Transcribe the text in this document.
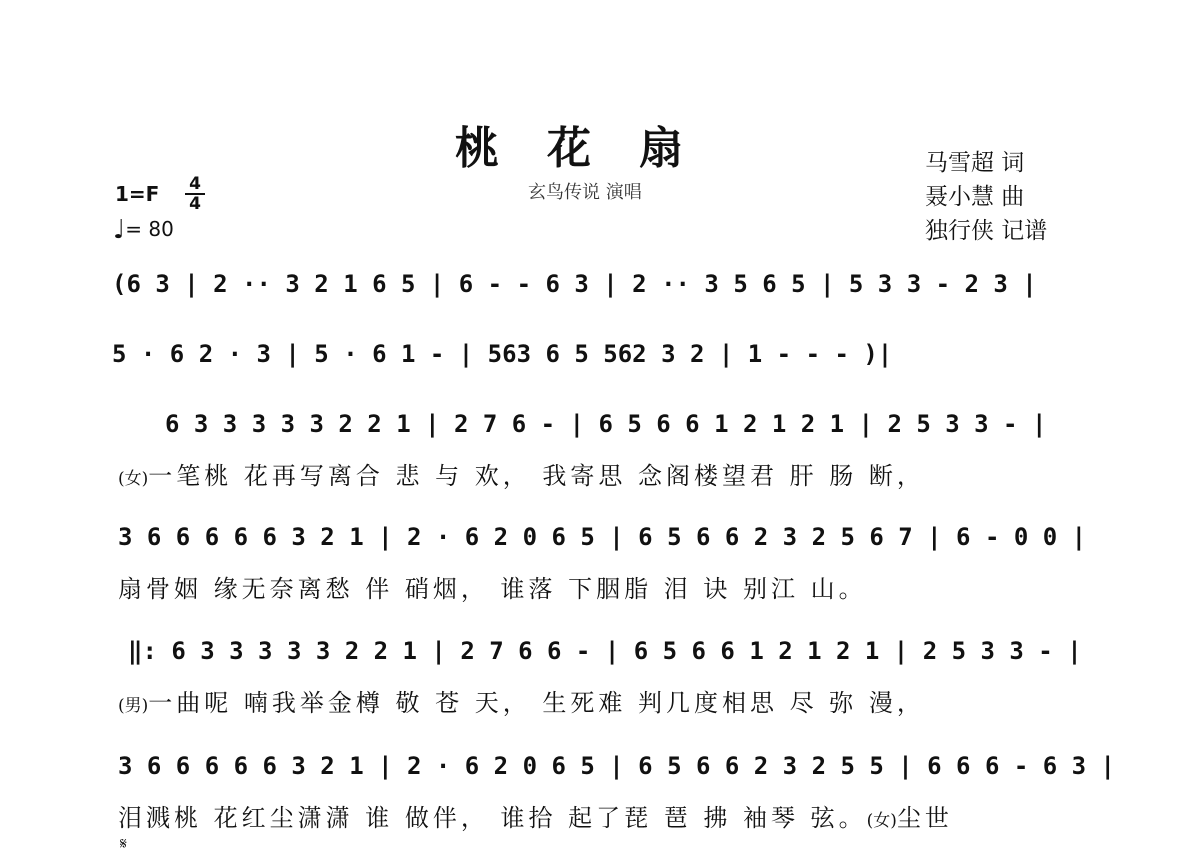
桃花扇
玄鸟传说 演唱
马雪超 词
聂小慧 曲
独行侠 记谱
1=F 4
4
♩= 80
(6 3 | 2 ·· 3 2 1 6 5 | 6 - - 6 3 | 2 ·· 3 5 6 5 | 5 3 3 - 2 3 |
5 · 6 2 · 3 | 5 · 6 1 - | 563 6 5 562 3 2 | 1 - - - )|
6 3 3 3 3 3 2 2 1 | 2 7 6 - | 6 5 6 6 1 2 1 2 1 | 2 5 3 3 - |
(女)一笔桃 花再写离合 悲 与 欢， 我寄思 念阁楼望君 肝 肠 断，
3 6 6 6 6 6 3 2 1 | 2 · 6 2 0 6 5 | 6 5 6 6 2 3 2 5 6 7 | 6 - 0 0 |
扇骨姻 缘无奈离愁 伴 硝烟， 谁落 下胭脂 泪 诀 别江 山。
‖: 6 3 3 3 3 3 2 2 1 | 2 7 6 6 - | 6 5 6 6 1 2 1 2 1 | 2 5 3 3 - |
(男)一曲呢 喃我举金樽 敬 苍 天， 生死难 判几度相思 尽 弥 漫，
3 6 6 6 6 6 3 2 1 | 2 · 6 2 0 6 5 | 6 5 6 6 2 3 2 5 5 | 6 6 6 - 6 3 |
泪溅桃 花红尘潇潇 谁 做伴， 谁拾 起了琵 琶 拂 袖琴 弦。(女)尘世
𝄋
